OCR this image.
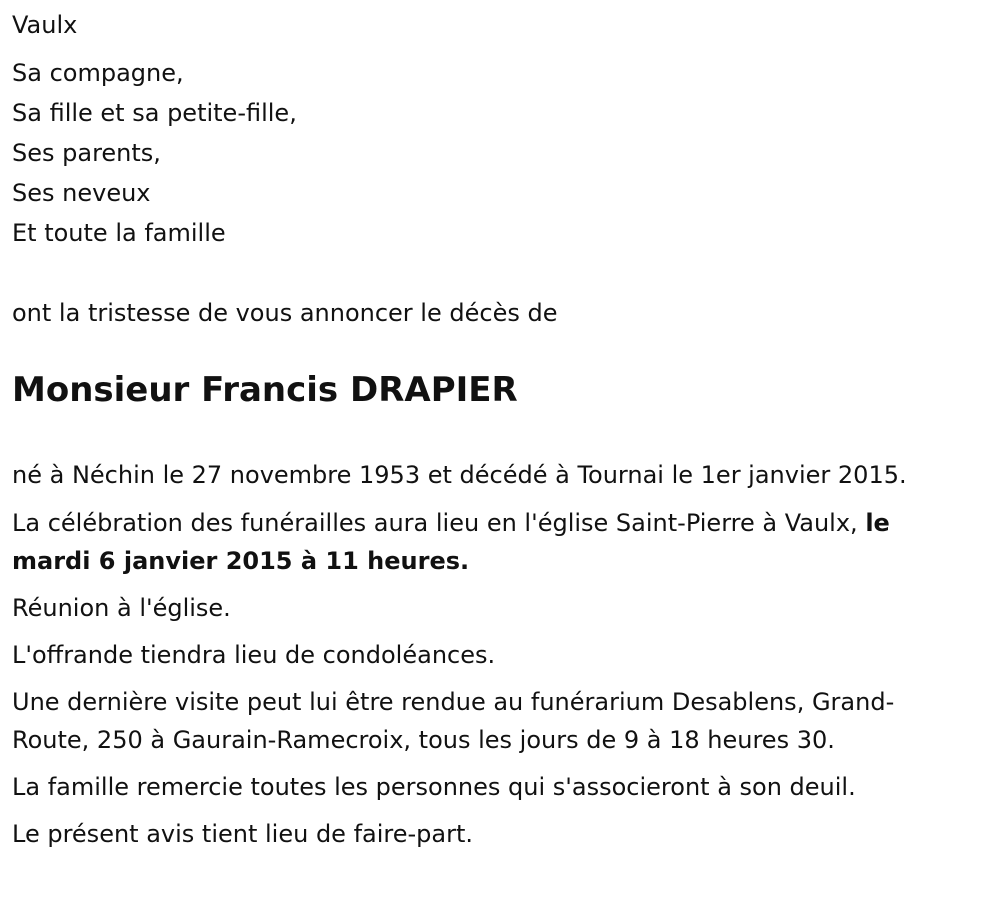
Vaulx

Sa compagne,

Sa fille et sa petite-fille,

Ses parents,

Ses neveux

Et toute la famille

ont la tristesse de vous annoncer le décès de

Monsieur Francis DRAPIER

né à Néchin le 27 novembre 1953 et décédé à Tournai le 1er janvier 2015.

La célébration des funérailles aura lieu en l'église Saint-Pierre à Vaulx, le
mardi 6 janvier 2015 à 11 heures.

Réunion à l'église.

L'offrande tiendra lieu de condoléances.

Une dernière visite peut lui être rendue au funérarium Desablens, Grand-
Route, 250 à Gaurain-Ramecroix, tous les jours de 9 à 18 heures 30.

La famille remercie toutes les personnes qui s'associeront à son deuil.

Le présent avis tient lieu de faire-part.
